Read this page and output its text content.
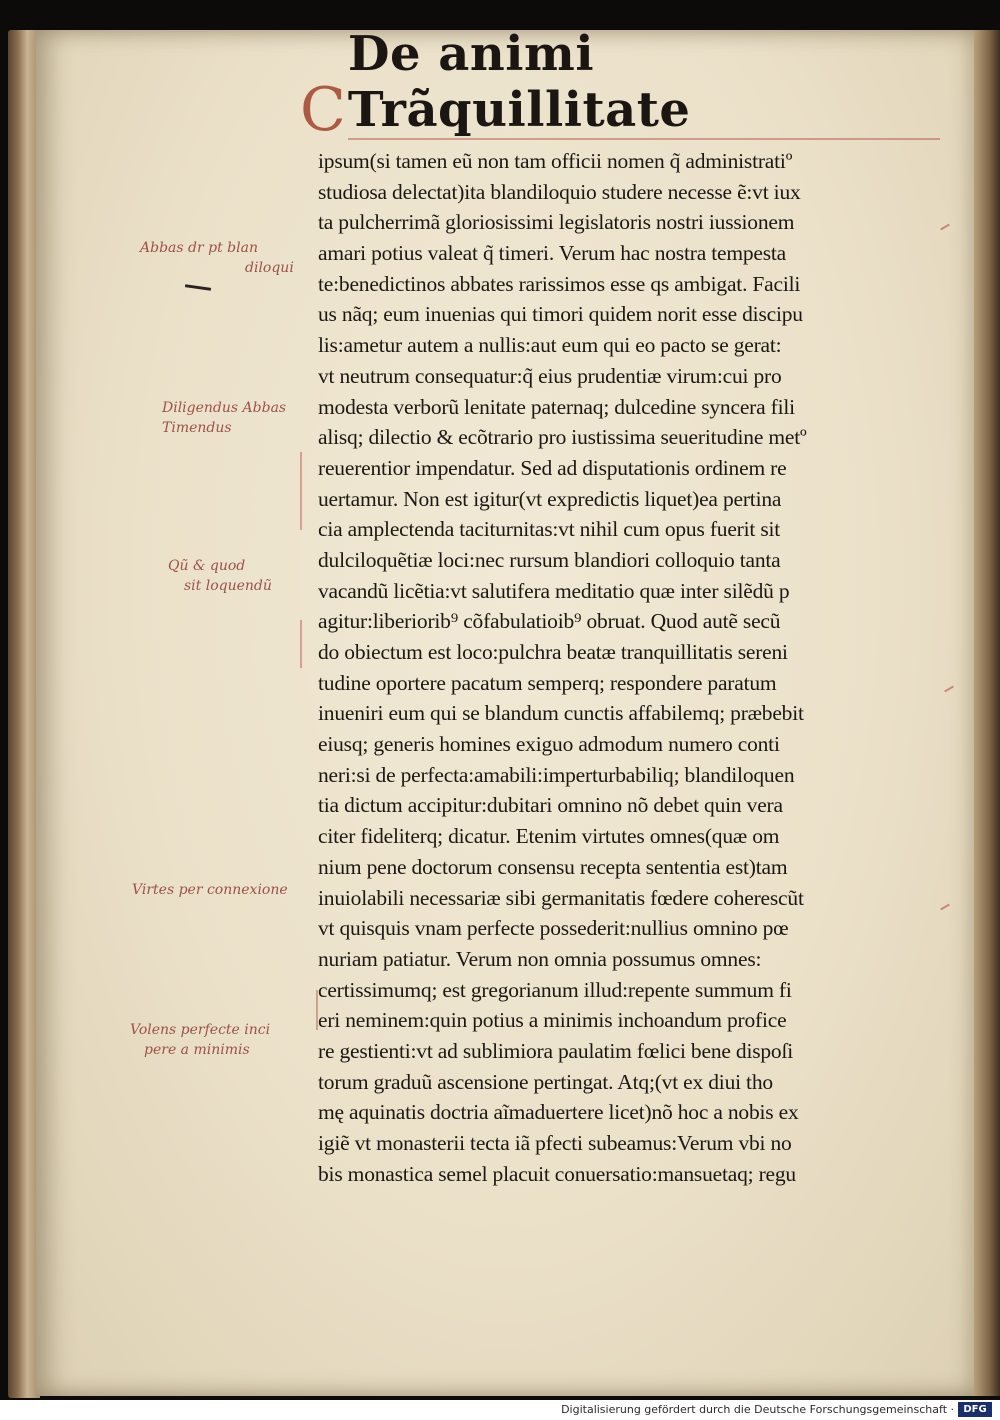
C
De animi Trãquillitate
ipsum(si tamen eũ non tam officii nomen q̃ administratiº
studiosa delectat)ita blandiloquio studere necesse ẽ:vt iux
ta pulcherrimã gloriosissimi legislatoris nostri iussionem
amari potius valeat q̃ timeri. Verum hac nostra tempesta
te:benedictinos abbates rarissimos esse qs ambigat. Facili
us nãq; eum inuenias qui timori quidem norit esse discipu
lis:ametur autem a nullis:aut eum qui eo pacto se gerat:
vt neutrum consequatur:q̃ eius prudentiæ virum:cui pro
modesta verborũ lenitate paternaq; dulcedine syncera fili
alisq; dilectio & ecõtrario pro iustissima seueritudine metº
reuerentior impendatur. Sed ad disputationis ordinem re
uertamur. Non est igitur(vt expredictis liquet)ea pertina
cia amplectenda taciturnitas:vt nihil cum opus fuerit sit
dulciloquẽtiæ loci:nec rursum blandiori colloquio tanta
vacandũ licẽtia:vt salutifera meditatio quæ inter silẽdũ p
agitur:liberiorib⁹ cõfabulatioib⁹ obruat. Quod autẽ secũ
do obiectum est loco:pulchra beatæ tranquillitatis sereni
tudine oportere pacatum semperq; respondere paratum
inueniri eum qui se blandum cunctis affabilemq; præbebit
eiusq; generis homines exiguo admodum numero conti
neri:si de perfecta:amabili:imperturbabiliq; blandiloquen
tia dictum accipitur:dubitari omnino nõ debet quin vera
citer fideliterq; dicatur. Etenim virtutes omnes(quæ om
nium pene doctorum consensu recepta sententia est)tam
inuiolabili necessariæ sibi germanitatis fœdere coherescũt
vt quisquis vnam perfecte possederit:nullius omnino pœ
nuriam patiatur. Verum non omnia possumus omnes:
certissimumq; est gregorianum illud:repente summum fi
eri neminem:quin potius a minimis inchoandum profice
re gestienti:vt ad sublimiora paulatim fœlici bene dispoſi
torum graduũ ascensione pertingat. Atq;(vt ex diui tho
mę aquinatis doctria aĩmaduertere licet)nõ hoc a nobis ex
igiẽ vt monasterii tecta iã pfecti subeamus:Verum vbi no
bis monastica semel placuit conuersatio:mansuetaq; regu
Abbas dr pt blan
diloqui
Diligendus Abbas
Timendus
Qũ & quod
sit loquendũ
Virtes per connexione
Volens perfecte inci
pere a minimis
Digitalisierung gefördert durch die Deutsche Forschungsgemeinschaft · DFG
